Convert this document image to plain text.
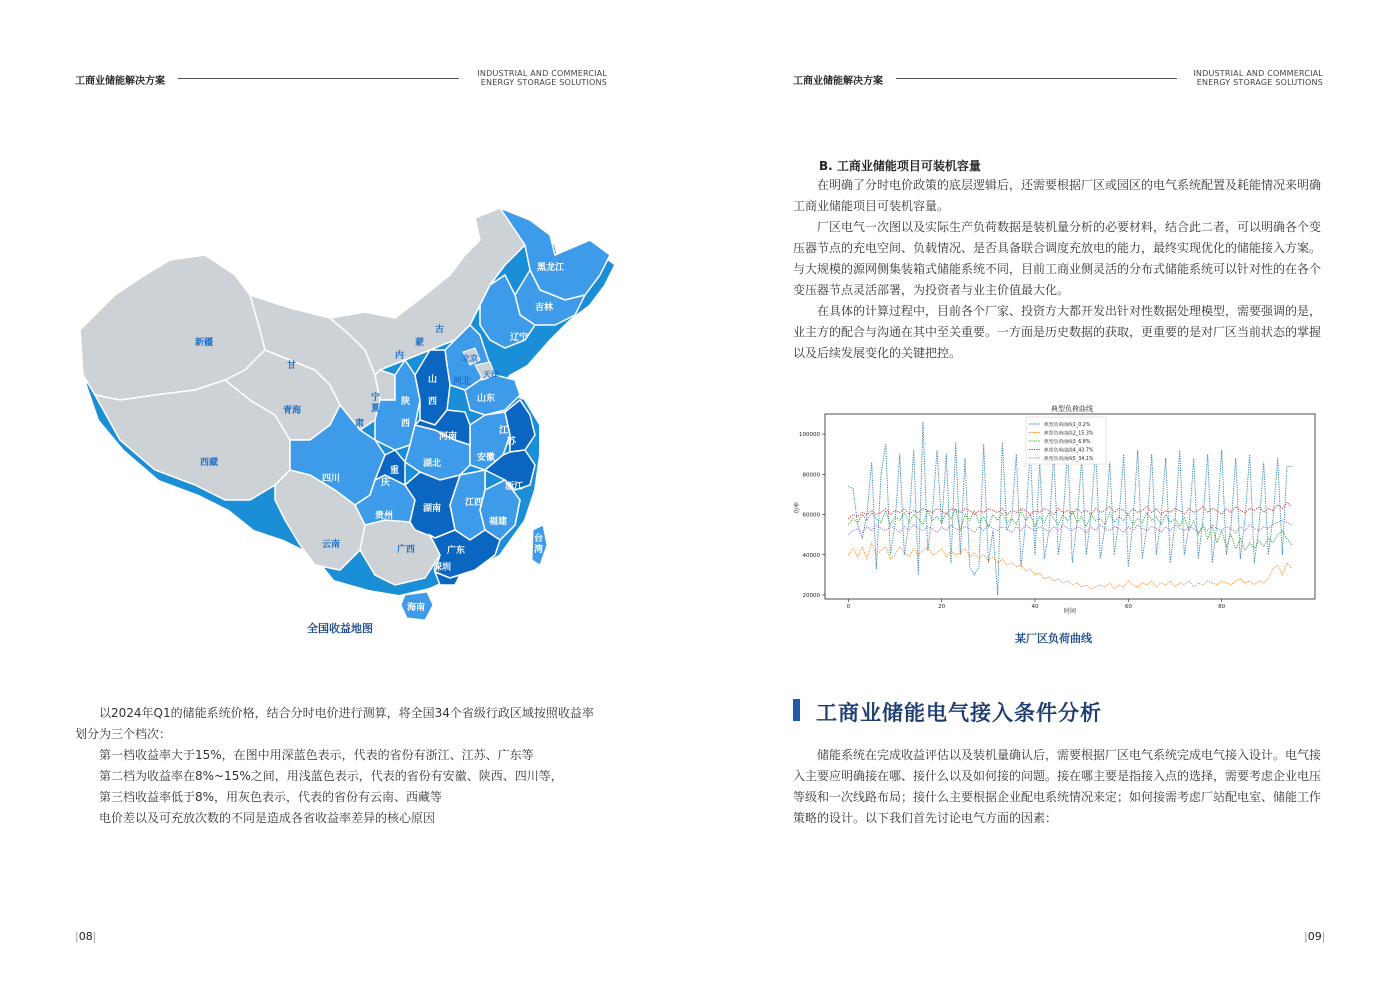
工商业储能解决方案
INDUSTRIAL AND COMMERCIAL
ENERGY STORAGE SOLUTIONS
新疆
西藏
青海
甘
肃
内
蒙
古
宁
夏
黑龙江
吉林
辽宁
北京
天津
河北
山
西
陕
西
山东
河南
江
苏
安徽
湖北
四川
重
庆	浙江
贵州
湖南
江西
福建
云南	广西	广东
深圳
台
湾
海南
全国收益地图

以2024年Q1的储能系统价格，结合分时电价进行测算，将全国34个省级行政区域按照收益率划分为三个档次：

第一档收益率大于15%，在图中用深蓝色表示，代表的省份有浙江、江苏、广东等

第二档为收益率在8%~15%之间，用浅蓝色表示，代表的省份有安徽、陕西、四川等，

第三档收益率低于8%，用灰色表示，代表的省份有云南、西藏等

电价差以及可充放次数的不同是造成各省收益率差异的核心原因

|08|
工商业储能解决方案
INDUSTRIAL AND COMMERCIAL
ENERGY STORAGE SOLUTIONS
B. 工商业储能项目可装机容量

在明确了分时电价政策的底层逻辑后，还需要根据厂区或园区的电气系统配置及耗能情况来明确工商业储能项目可装机容量。

厂区电气一次图以及实际生产负荷数据是装机量分析的必要材料，结合此二者，可以明确各个变压器节点的充电空间、负载情况、是否具备联合调度充放电的能力，最终实现优化的储能接入方案。与大规模的源网侧集装箱式储能系统不同，目前工商业侧灵活的分布式储能系统可以针对性的在各个变压器节点灵活部署，为投资者与业主价值最大化。

在具体的计算过程中，目前各个厂家、投资方大都开发出针对性数据处理模型，需要强调的是，业主方的配合与沟通在其中至关重要。一方面是历史数据的获取，更重要的是对厂区当前状态的掌握以及后续发展变化的关键把控。

某厂区负荷曲线
工商业储能电气接入条件分析

储能系统在完成收益评估以及装机量确认后，需要根据厂区电气系统完成电气接入设计。电气接入主要应明确接在哪、接什么以及如何接的问题。接在哪主要是指接入点的选择，需要考虑企业电压等级和一次线路布局；接什么主要根据企业配电系统情况来定；如何接需考虑厂站配电室、储能工作策略的设计。以下我们首先讨论电气方面的因素：

|09|
典型负荷曲线
20000
40000
60000
80000
100000
0	20	40	60	80
典型负荷曲线1_0.2%
典型负荷曲线2_15.3%
典型负荷曲线3_6.8%
典型负荷曲线4_43.7%
典型负荷曲线5_34.1%
时间
功率
